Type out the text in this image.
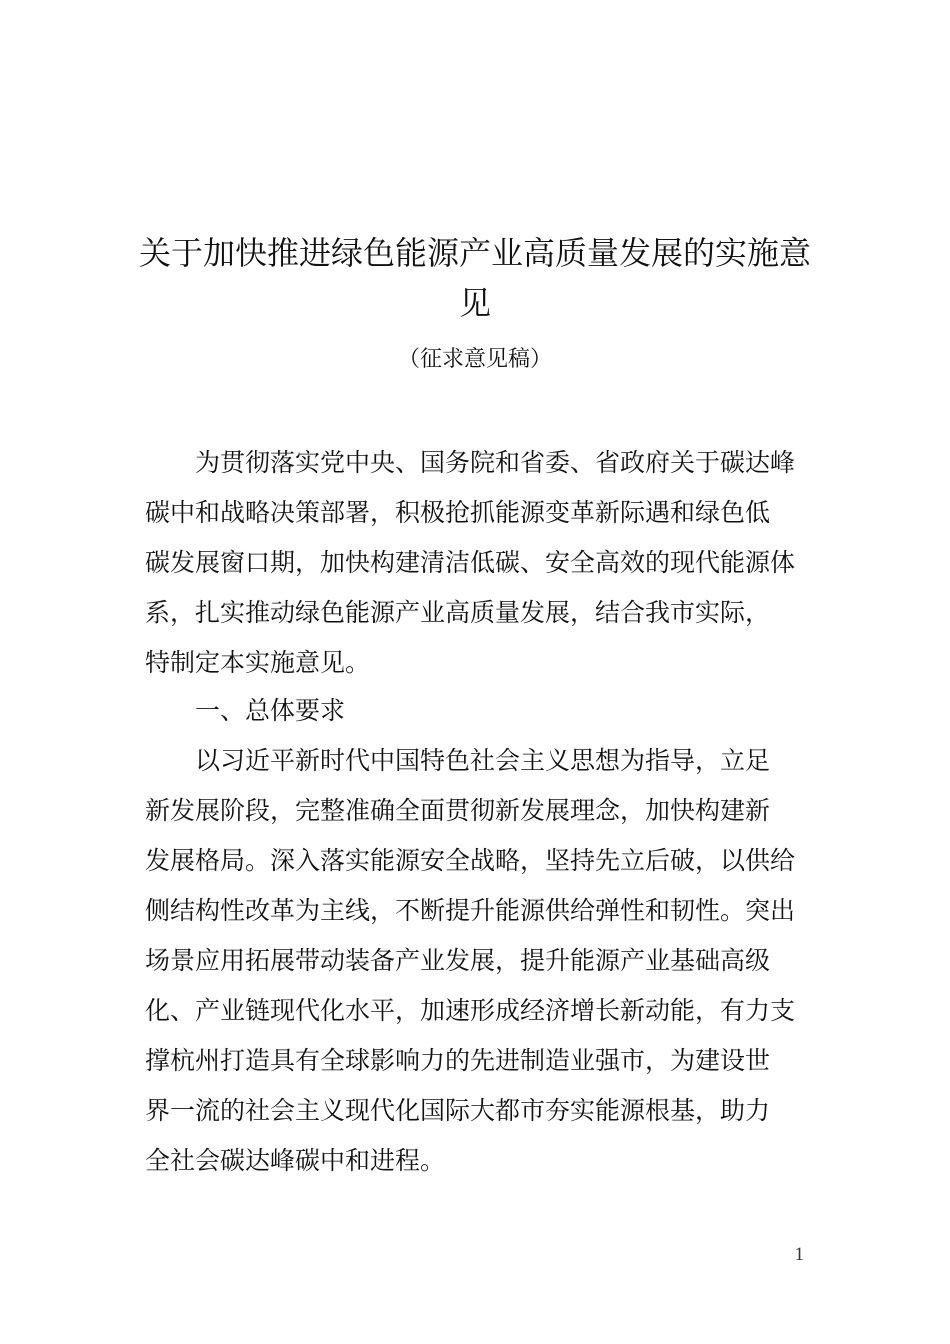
关于加快推进绿色能源产业高质量发展的实施意
见
（征求意见稿）
为贯彻落实党中央、国务院和省委、省政府关于碳达峰
碳中和战略决策部署，积极抢抓能源变革新际遇和绿色低
碳发展窗口期，加快构建清洁低碳、安全高效的现代能源体
系，扎实推动绿色能源产业高质量发展，结合我市实际，
特制定本实施意见。
一、总体要求
以习近平新时代中国特色社会主义思想为指导，立足
新发展阶段，完整准确全面贯彻新发展理念，加快构建新
发展格局。深入落实能源安全战略，坚持先立后破，以供给
侧结构性改革为主线，不断提升能源供给弹性和韧性。突出
场景应用拓展带动装备产业发展，提升能源产业基础高级
化、产业链现代化水平，加速形成经济增长新动能，有力支
撑杭州打造具有全球影响力的先进制造业强市，为建设世
界一流的社会主义现代化国际大都市夯实能源根基，助力
全社会碳达峰碳中和进程。
1
